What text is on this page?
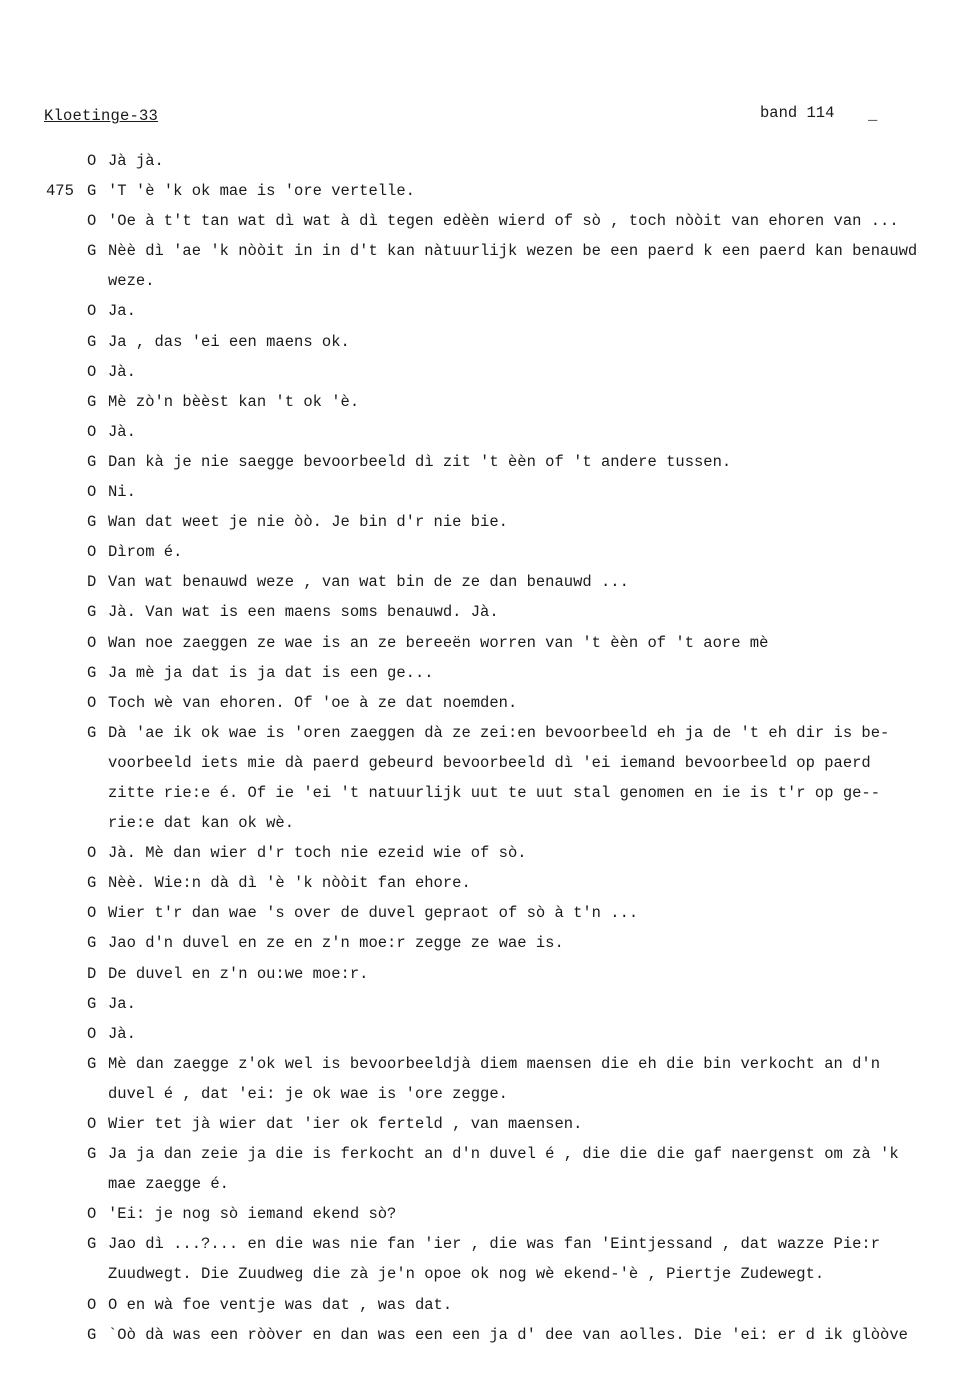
Kloetinge-33	band 114 _
O Jà jà.
475 G 'T 'è 'k ok mae is 'ore vertelle.
O 'Oe à t't tan wat dì wat à dì tegen edèèn wierd of sò , toch nòòit van ehoren van ...
G Nèè dì 'ae 'k nòòit in in d't kan nàtuurlijk wezen be een paerd k een paerd kan benauwd
weze.
O Ja.
G Ja , das 'ei een maens ok.
O Jà.
G Mè zò'n bèèst kan 't ok 'è.
O Jà.
G Dan kà je nie saegge bevoorbeeld dì zit 't èèn of 't andere tussen.
O Ni.
G Wan dat weet je nie òò. Je bin d'r nie bie.
O Dìrom é.
D Van wat benauwd weze , van wat bin de ze dan benauwd ...
G Jà. Van wat is een maens soms benauwd. Jà.
O Wan noe zaeggen ze wae is an ze bereeën worren van 't èèn of 't aore mè
G Ja mè ja dat is ja dat is een ge...
O Toch wè van ehoren. Of 'oe à ze dat noemden.
G Dà 'ae ik ok wae is 'oren zaeggen dà ze zei:en bevoorbeeld eh ja de 't eh dir is be-
voorbeeld iets mie dà paerd gebeurd bevoorbeeld dì 'ei iemand bevoorbeeld op paerd
zitte rie:e é. Of ie 'ei 't natuurlijk uut te uut stal genomen en ie is t'r op ge--
rie:e dat kan ok wè.
O Jà. Mè dan wier d'r toch nie ezeid wie of sò.
G Nèè. Wie:n dà dì 'è 'k nòòit fan ehore.
O Wier t'r dan wae 's over de duvel gepraot of sò à t'n ...
G Jao d'n duvel en ze en z'n moe:r zegge ze wae is.
D De duvel en z'n ou:we moe:r.
G Ja.
O Jà.
G Mè dan zaegge z'ok wel is bevoorbeeldjà diem maensen die eh die bin verkocht an d'n
duvel é , dat 'ei: je ok wae is 'ore zegge.
O Wier tet jà wier dat 'ier ok ferteld , van maensen.
G Ja ja dan zeie ja die is ferkocht an d'n duvel é , die die die gaf naergenst om zà 'k
mae zaegge é.
O 'Ei: je nog sò iemand ekend sò?
G Jao dì ...?... en die was nie fan 'ier , die was fan 'Eintjessand , dat wazze Pie:r
Zuudwegt. Die Zuudweg die zà je'n opoe ok nog wè ekend-'è , Piertje Zudewegt.
O O en wà foe ventje was dat , was dat.
G `Oò dà was een ròòver en dan was een een ja d' dee van aolles. Die 'ei: er d ik glòòve
